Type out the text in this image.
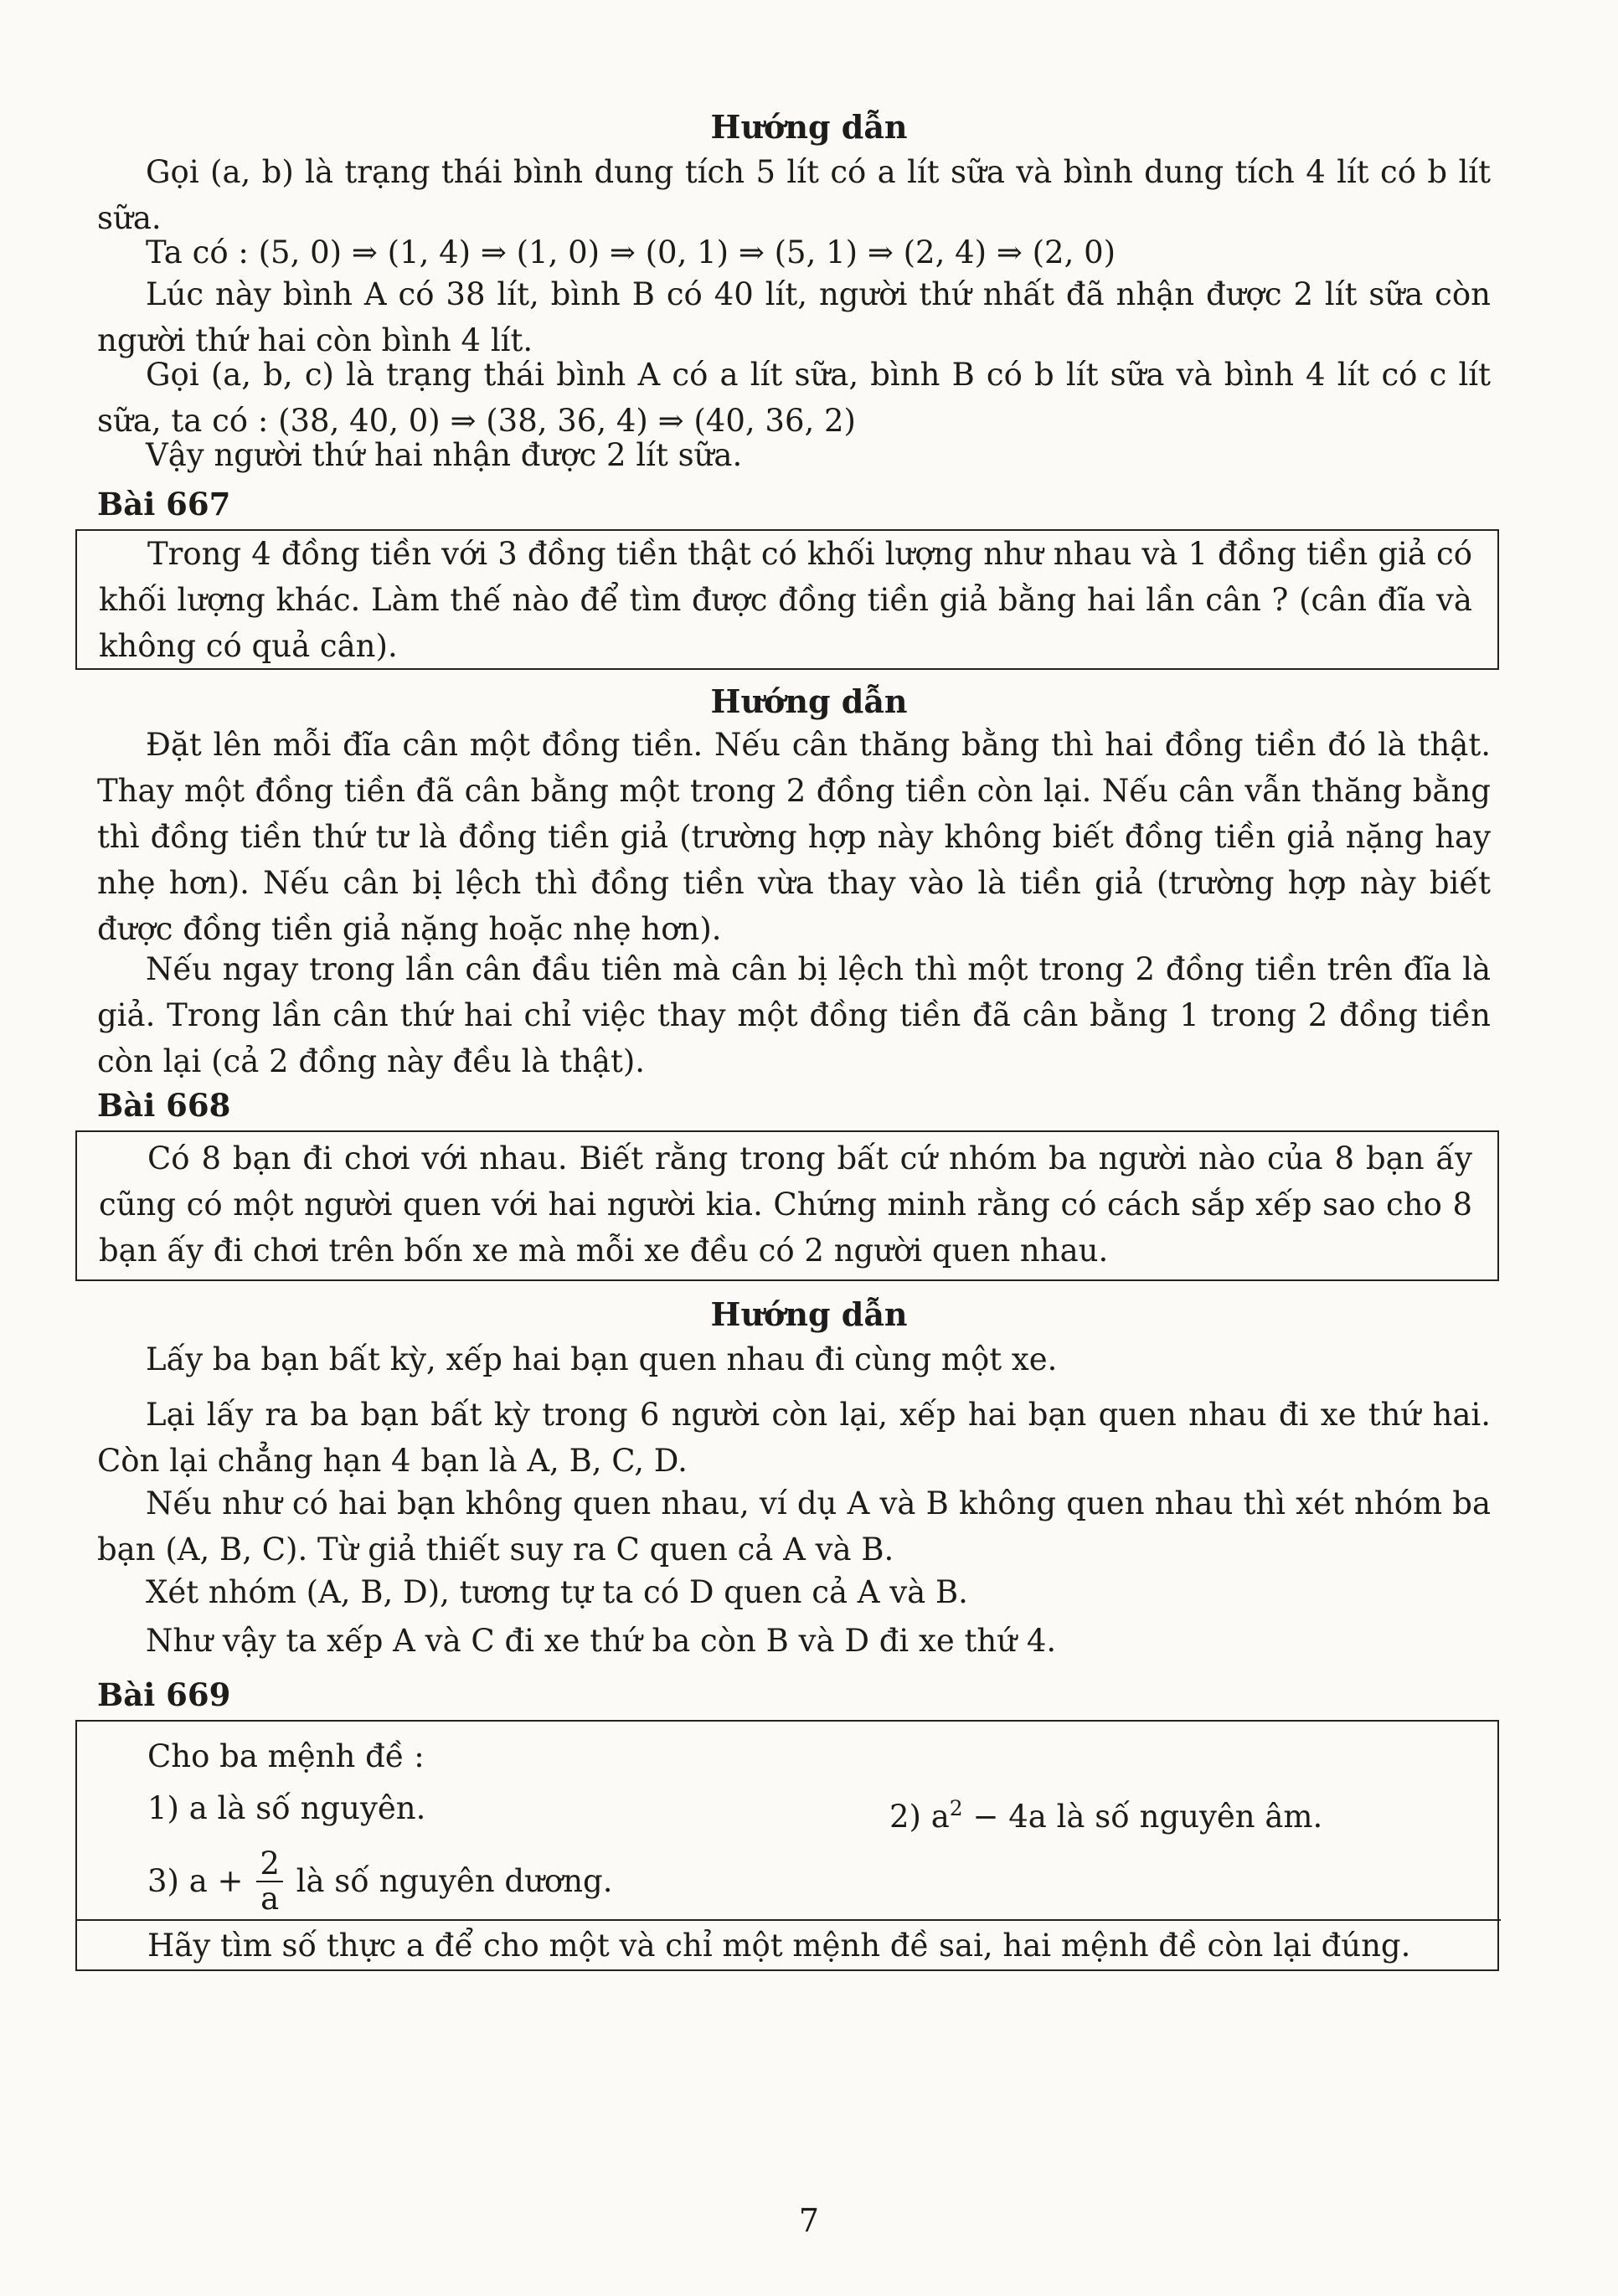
Hướng dẫn
Gọi (a, b) là trạng thái bình dung tích 5 lít có a lít sữa và bình dung tích 4 lít có b lít sữa.
Ta có : (5, 0) ⇒ (1, 4) ⇒ (1, 0) ⇒ (0, 1) ⇒ (5, 1) ⇒ (2, 4) ⇒ (2, 0)
Lúc này bình A có 38 lít, bình B có 40 lít, người thứ nhất đã nhận được 2 lít sữa còn người thứ hai còn bình 4 lít.
Gọi (a, b, c) là trạng thái bình A có a lít sữa, bình B có b lít sữa và bình 4 lít có c lít sữa, ta có : (38, 40, 0) ⇒ (38, 36, 4) ⇒ (40, 36, 2)
Vậy người thứ hai nhận được 2 lít sữa.
Bài 667
Trong 4 đồng tiền với 3 đồng tiền thật có khối lượng như nhau và 1 đồng tiền giả có khối lượng khác. Làm thế nào để tìm được đồng tiền giả bằng hai lần cân ? (cân đĩa và không có quả cân).
Hướng dẫn
Đặt lên mỗi đĩa cân một đồng tiền. Nếu cân thăng bằng thì hai đồng tiền đó là thật. Thay một đồng tiền đã cân bằng một trong 2 đồng tiền còn lại. Nếu cân vẫn thăng bằng thì đồng tiền thứ tư là đồng tiền giả (trường hợp này không biết đồng tiền giả nặng hay nhẹ hơn). Nếu cân bị lệch thì đồng tiền vừa thay vào là tiền giả (trường hợp này biết được đồng tiền giả nặng hoặc nhẹ hơn).
Nếu ngay trong lần cân đầu tiên mà cân bị lệch thì một trong 2 đồng tiền trên đĩa là giả. Trong lần cân thứ hai chỉ việc thay một đồng tiền đã cân bằng 1 trong 2 đồng tiền còn lại (cả 2 đồng này đều là thật).
Bài 668
Có 8 bạn đi chơi với nhau. Biết rằng trong bất cứ nhóm ba người nào của 8 bạn ấy cũng có một người quen với hai người kia. Chứng minh rằng có cách sắp xếp sao cho 8 bạn ấy đi chơi trên bốn xe mà mỗi xe đều có 2 người quen nhau.
Hướng dẫn
Lấy ba bạn bất kỳ, xếp hai bạn quen nhau đi cùng một xe.
Lại lấy ra ba bạn bất kỳ trong 6 người còn lại, xếp hai bạn quen nhau đi xe thứ hai. Còn lại chẳng hạn 4 bạn là A, B, C, D.
Nếu như có hai bạn không quen nhau, ví dụ A và B không quen nhau thì xét nhóm ba bạn (A, B, C). Từ giả thiết suy ra C quen cả A và B.
Xét nhóm (A, B, D), tương tự ta có D quen cả A và B.
Như vậy ta xếp A và C đi xe thứ ba còn B và D đi xe thứ 4.
Bài 669
Cho ba mệnh đề :
1) a là số nguyên.	2) $a^2 - 4a$ là số nguyên âm.
3) $a + \frac{2}{a}$ là số nguyên dương.
Hãy tìm số thực a để cho một và chỉ một mệnh đề sai, hai mệnh đề còn lại đúng.
7
